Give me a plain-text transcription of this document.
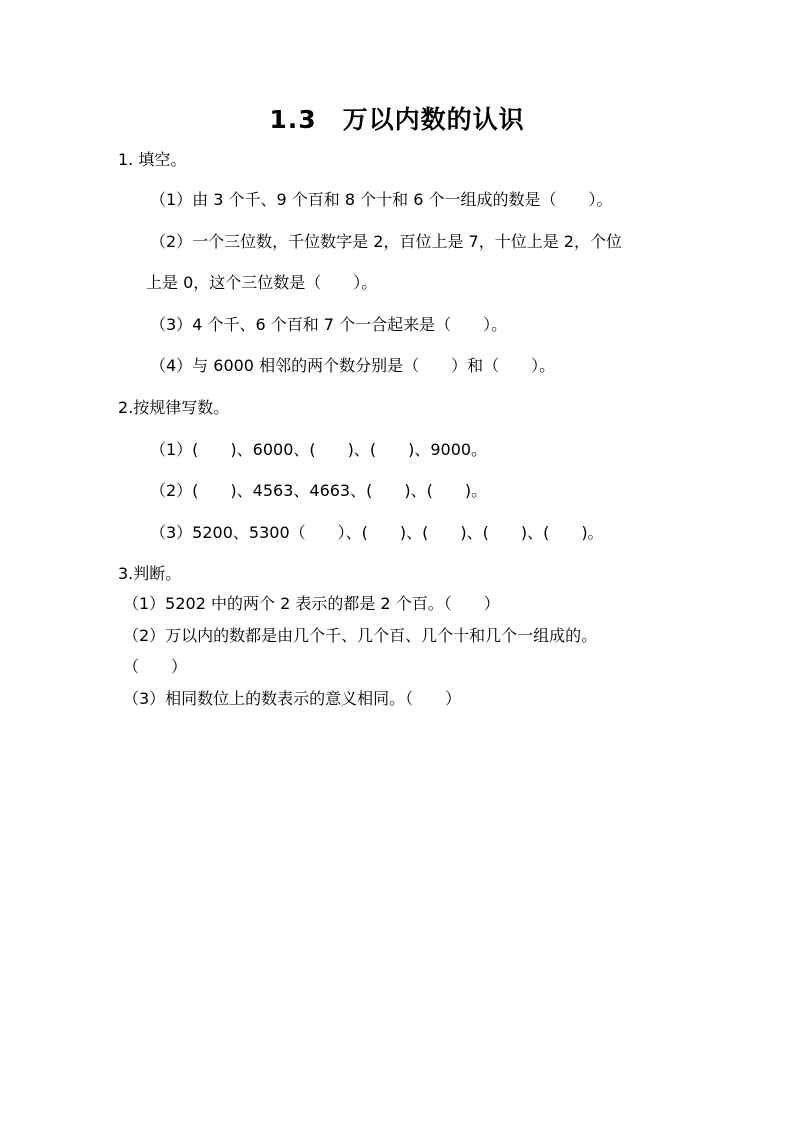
1.3　万以内数的认识
1. 填空。
（1）由 3 个千、9 个百和 8 个十和 6 个一组成的数是（　　）。
（2）一个三位数，千位数字是 2，百位上是 7，十位上是 2，个位
上是 0，这个三位数是（　　）。
（3）4 个千、6 个百和 7 个一合起来是（　　）。
（4）与 6000 相邻的两个数分别是（　　）和（　　）。
2.按规律写数。
（1）(　　)、6000、(　　)、(　　)、9000。
（2）(　　)、4563、4663、(　　)、(　　)。
（3）5200、5300（　　）、(　　)、(　　)、(　　)、(　　)。
3.判断。
（1）5202 中的两个 2 表示的都是 2 个百。（　　）
（2）万以内的数都是由几个千、几个百、几个十和几个一组成的。
（　　）
（3）相同数位上的数表示的意义相同。（　　）
